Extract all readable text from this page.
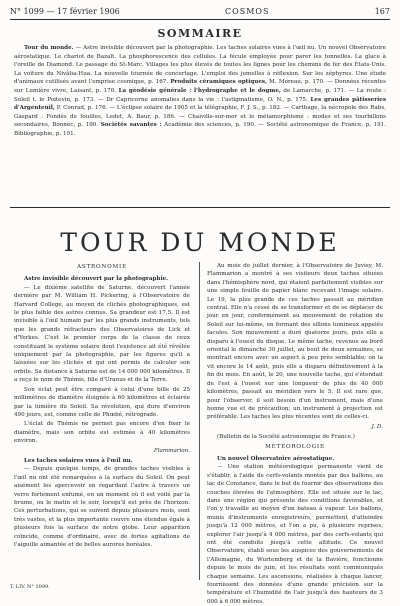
N° 1099 — 17 février 1906	COSMOS	167
SOMMAIRE
Tour du monde. — Astre invisible découvert par la photographie. Les taches solaires vues à l'œil nu. Un nouvel Observatoire aérostatique. Le chariot de Bazalt. La phosphorescence des cellules. La fécule employée pour parer les tonnelles. La glace à l'oreille de Diamond. Le passage du St-Marc. Villages les plus élevés de toutes les lignes pour les chemins de fer des États-Unis. La voiture du Nivâlia-Hua. La nouvelle tournée de concertage. L'emploi des jumelles à réflexion. Sur les zéphyres. Une étude d'animaux cutilisés avant l'emprise cosmique, p. 167. Produits céramiques optiques, M. Moreau, p. 170. — Données récentes sur Lumière vivre, Laisant, p. 170. La géodésie générale : l'hydrographe et le dogme, de Lamarche, p. 171. — La route : Soleil t. le Poitevin, p. 173. — Dr Capricorne anomalies dans la vie : l'astigmatisme, O. N., p. 175. Les grandes pâtisseries d'Argenteuil, P. Conrad, p. 176. — L'éclipse solaire de 1905 et la télégraphie, F. J. S., p. 182. — Carthage, la nécropole des Rabs, Gaspard : Fondés de fouilles, Ledet, A. Baur, p. 186. — Chaiville-sur-mer et le métamorphisme : modes et ses tourbillons secondaires, Bonnec, p. 190. Sociétés savantes : Académie des sciences, p. 190. — Société astronomique de France, p. 191. Bibliographie, p. 191.
TOUR DU MONDE
ASTRONOMIE

Astre invisible découvert par la photographie.

— Le dixième satellite de Saturne, découvert l'année dernière par M. William H. Pickering, à l'Observatoire de Harvard College, au moyen de clichés photographiques, est le plus faible des astres connus. Sa grandeur est 17,5. Il est invisible à l'œil humain par les plus grands instruments, tels que les grands réfracteurs des Observatoires de Lick et d'Yerkes. C'est le premier corps de la classe de ceux constituant le système solaire dont l'existence ait été révélée uniquement par la photographie, par les figures qu'il a laissées sur les clichés et qui ont permis de calculer son orbite. Sa distance à Saturne est de 14 000 000 kilomètres. Il a reçu le nom de Thémis, fille d'Uranus et de la Terre.
Son éclat peut être comparé à celui d'une bille de 25 millimètres de diamètre éloignée à 60 kilomètres et éclairée par la lumière du Soleil. Sa révolution, qui dure d'environ 490 jours, est, comme celle de Phœbé, rétrograde.
L'éclat de Thémis ne permet pas encore d'en fixer le diamètre, mais son orbite est estimée à 40 kilomètres environ.
Flammarion.

Les taches solaires vues à l'œil nu.

— Depuis quelque temps, de grandes taches visibles à l'œil nu ont été remarquées à la surface du Soleil. On peut aisément les apercevoir en regardant l'astre à travers un verre fortement enfumé, en un moment où il est voilé par la brume, ou le matin et le soir, lorsqu'il est près de l'horizon. Ces perturbations, qui se suivent depuis plusieurs mois, sont très vastes, et la plus importante couvre une étendue égale à plusieurs fois la surface de notre globe. Leur apparition coïncide, comme d'ordinaire, avec de fortes agitations de l'aiguille aimantée et de belles aurores boréales.
Au mois de juillet dernier, à l'Observatoire de Juvisy, M. Flammarion a montré à ses visiteurs deux taches situées dans l'hémisphère nord, qui étaient parfaitement visibles sur une simple feuille de papier blanc recevant l'image solaire. Le 19, la plus grande de ces taches passait au méridien central. Elle n'a cessé de se transformer et de se déplacer de jour en jour, conformément au mouvement de rotation du Soleil sur lui-même, en formant des sillons lumineux appelés facules. Son mouvement a duré quatorze jours, puis elle a disparu à l'ouest du disque. Le même tache, revenue au bord oriental le dimanche 30 juillet, au bout de deux semaines, se montrait encore avec un aspect à peu près semblable; on la vit encore le 14 août, puis elle a disparu définitivement à la fin du mois. En août, le 20, une nouvelle tache, qui s'étendait de l'est à l'ouest sur une longueur de plus de 40 000 kilomètres, passait au méridien vers le 5. Il est rare que, pour l'observer, il soit besoin d'un instrument, mais d'une bonne vue et de précaution; un instrument à projection est préférable. Les taches les plus récentes sont de celles-ci.
J. D.
(Bulletin de la Société astronomique de France.)
MÉTÉOROLOGIE

Un nouvel Observatoire aérostatique.

— Une station météorologique permanente vient de s'établir, à l'aide de cerfs-volants montés par des ballons, au lac de Constance, dans le but de fournir des observations des couches élevées de l'atmosphère. Elle est située sur le lac, dans une région qui présente des conditions favorables, et l'on y travaille au moyen d'un bateau à vapeur. Les ballons, munis d'instruments enregistreurs, permettent d'atteindre jusqu'à 12 000 mètres, et l'on a pu, à plusieurs reprises, explorer l'air jusqu'à 4 000 mètres, par des cerfs-volants qui ont été conduits jusqu'à cette altitude. Ce nouvel Observatoire, établi sous les auspices des gouvernements de l'Allemagne, du Wurtemberg et de la Bavière, fonctionne depuis le mois de juin, et les résultats sont communiqués chaque semaine. Les ascensions, réalisées à chaque lancer, fournissent des données d'une grande précision sur la température et l'humidité de l'air jusqu'à des hauteurs de 3 000 à 6 000 mètres.
T. LIV. N° 1099.
